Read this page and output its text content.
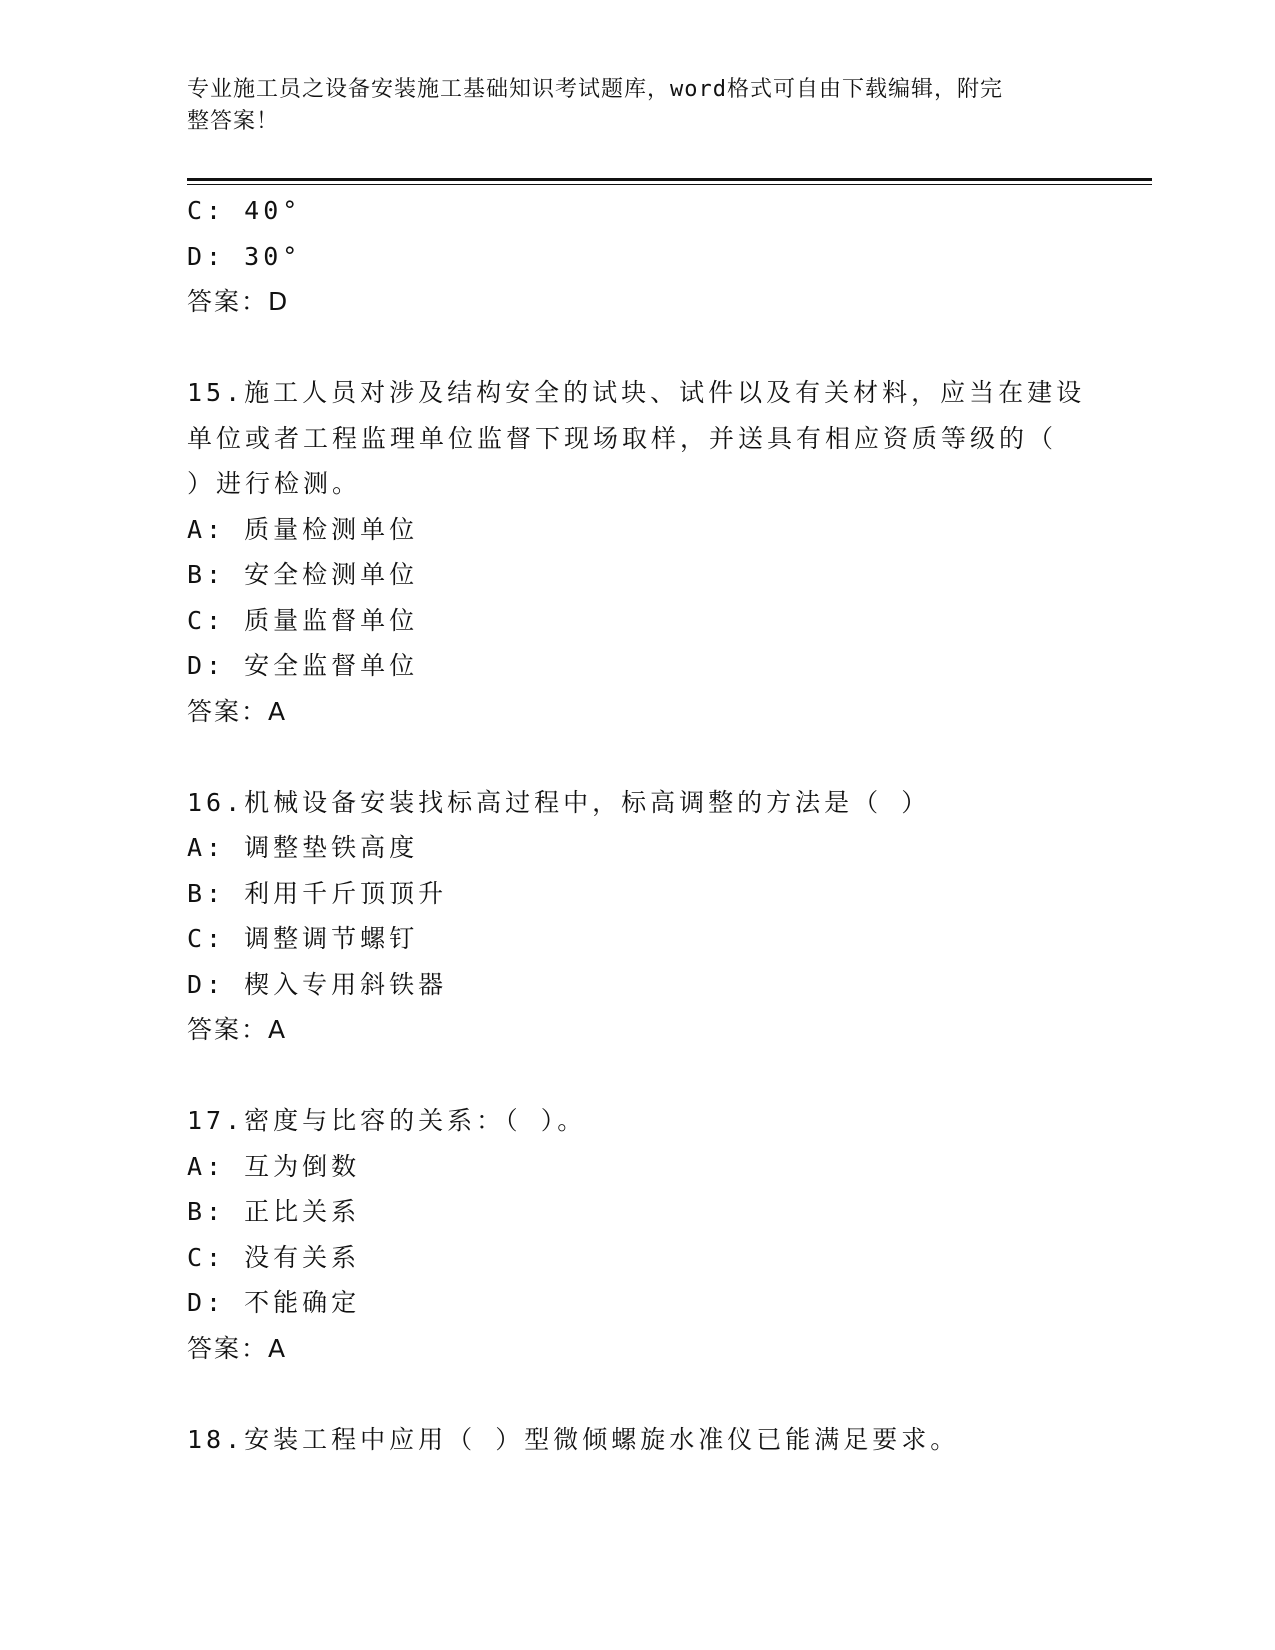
专业施工员之设备安装施工基础知识考试题库，word格式可自由下载编辑，附完
整答案！
C: 40°
D: 30°
答案：D
15.施工人员对涉及结构安全的试块、试件以及有关材料，应当在建设
单位或者工程监理单位监督下现场取样，并送具有相应资质等级的（
）进行检测。
A: 质量检测单位
B: 安全检测单位
C: 质量监督单位
D: 安全监督单位
答案：A
16.机械设备安装找标高过程中，标高调整的方法是（ ）
A: 调整垫铁高度
B: 利用千斤顶顶升
C: 调整调节螺钉
D: 楔入专用斜铁器
答案：A
17.密度与比容的关系：（ ）。
A: 互为倒数
B: 正比关系
C: 没有关系
D: 不能确定
答案：A
18.安装工程中应用（ ）型微倾螺旋水准仪已能满足要求。
